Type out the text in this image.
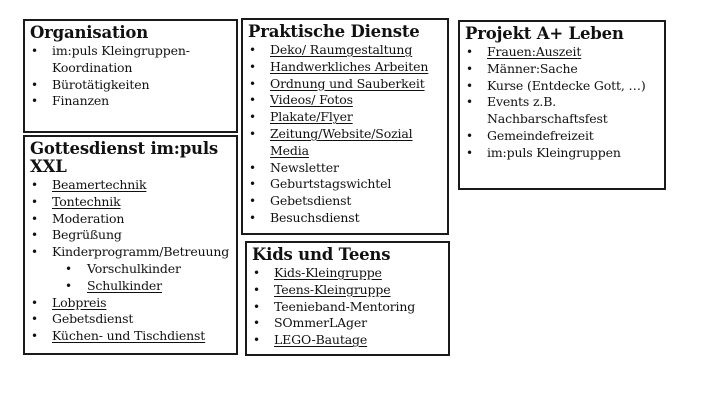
Organisation
• im:puls Kleingruppen-Koordination
• Bürotätigkeiten
• Finanzen
Gottesdienst im:puls XXL
• Beamertechnik
• Tontechnik
• Moderation
• Begrüßung
• Kinderprogramm/Betreuung
• Vorschulkinder
• Schulkinder
• Lobpreis
• Gebetsdienst
• Küchen- und Tischdienst
Praktische Dienste
• Deko/ Raumgestaltung
• Handwerkliches Arbeiten
• Ordnung und Sauberkeit
• Videos/ Fotos
• Plakate/Flyer
• Zeitung/Website/Sozial Media
• Newsletter
• Geburtstagswichtel
• Gebetsdienst
• Besuchsdienst
Kids und Teens
• Kids-Kleingruppe
• Teens-Kleingruppe
• Teenieband-Mentoring
• SOmmerLAger
• LEGO-Bautage
Projekt A+ Leben
• Frauen:Auszeit
• Männer:Sache
• Kurse (Entdecke Gott, …)
• Events z.B. Nachbarschaftsfest
• Gemeindefreizeit
• im:puls Kleingruppen
